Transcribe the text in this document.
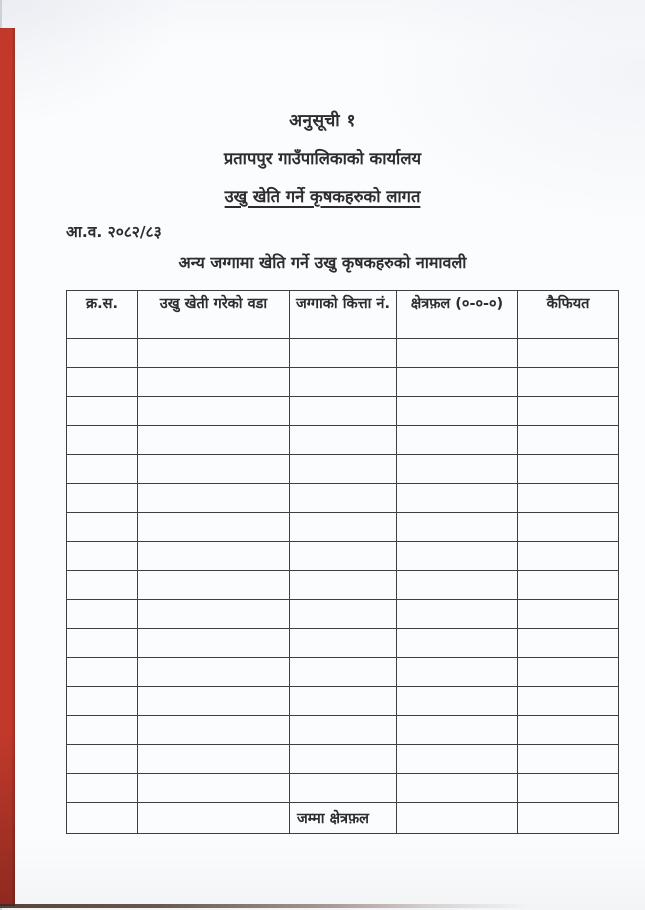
अनुसूची १
प्रतापपुर गाउँपालिकाको कार्यालय
उखु खेति गर्ने कृषकहरुको लागत
आ.व. २०८२/८३
अन्य जग्गामा खेति गर्ने उखु कृषकहरुको नामावली
क्र.स.	उखु खेती गरेको वडा	जग्गाको कित्ता नं.	क्षेत्रफ़ल (०-०-०)	कैफियत

		जम्मा क्षेत्रफ़ल		
